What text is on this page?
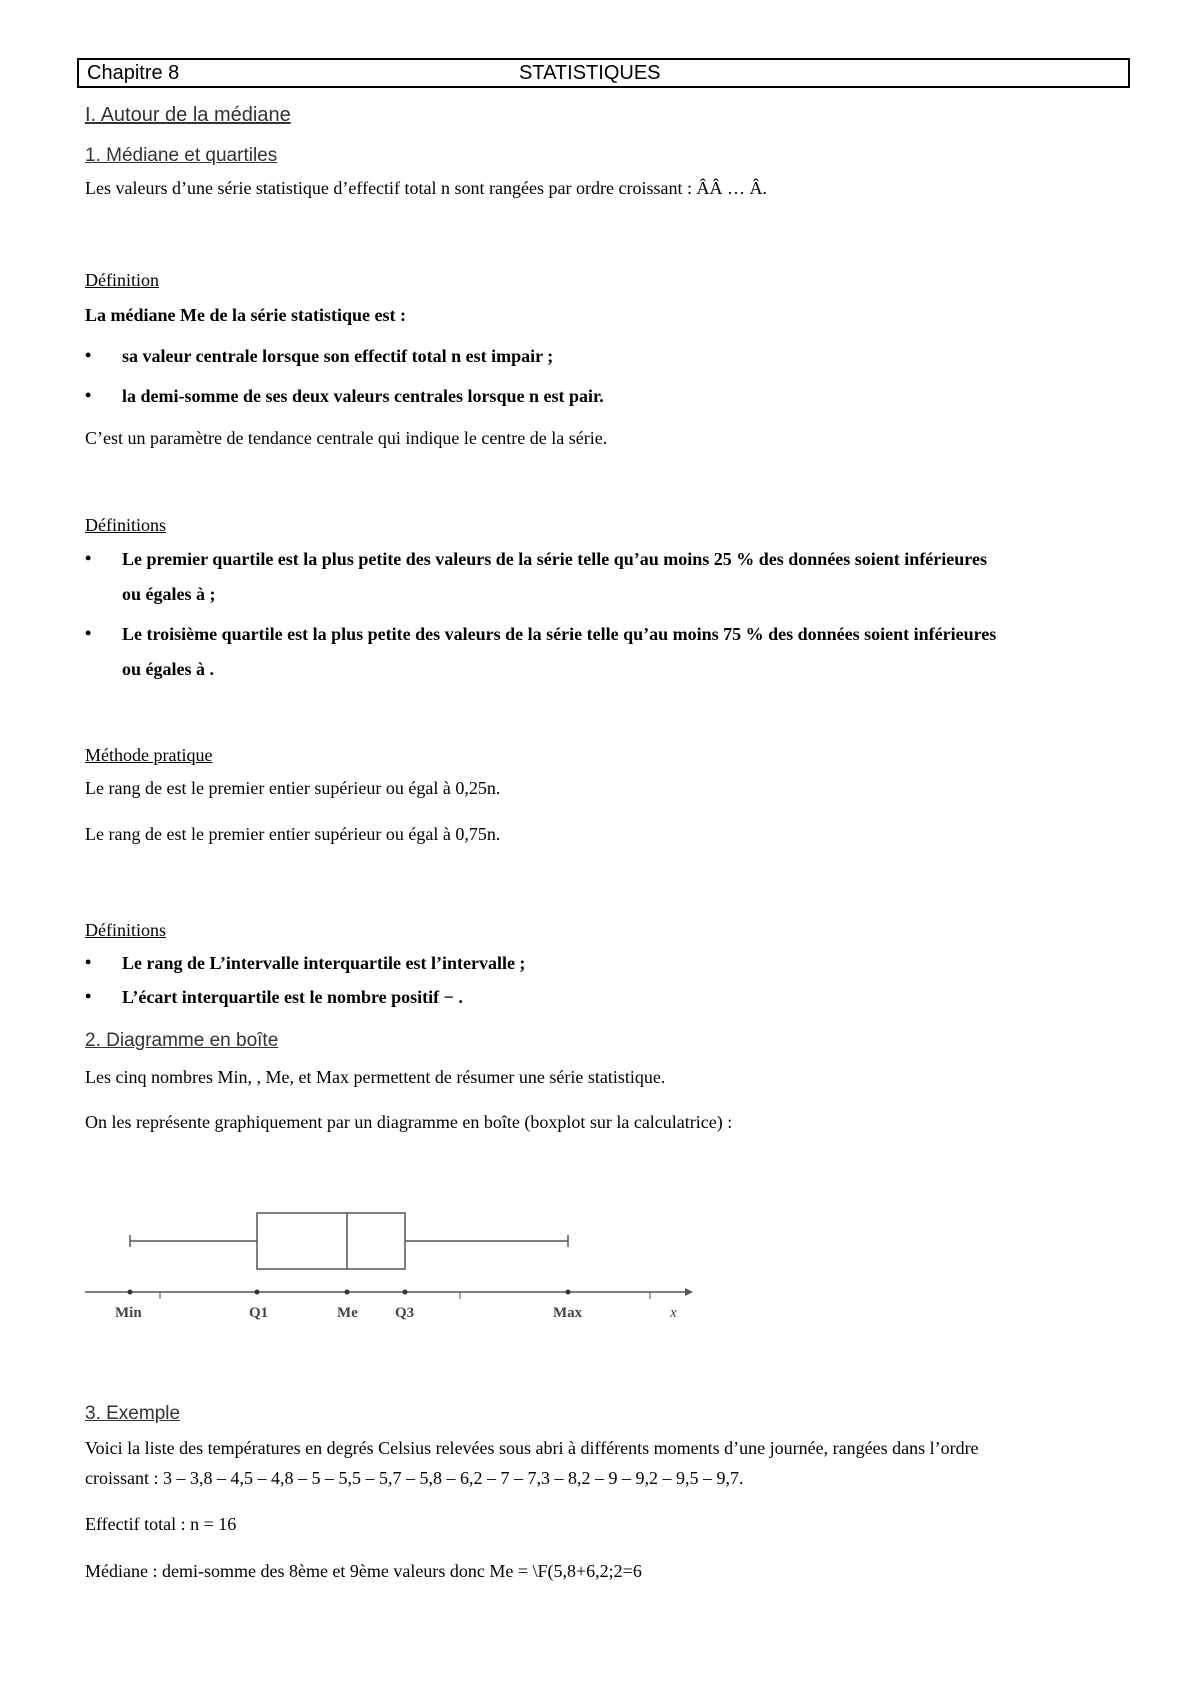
Chapitre 8	STATISTIQUES
I. Autour de la médiane
1. Médiane et quartiles
Les valeurs d’une série statistique d’effectif total n sont rangées par ordre croissant : ÂÂ … Â.
Définition
La médiane Me de la série statistique est :
• sa valeur centrale lorsque son effectif total n est impair ;
• la demi-somme de ses deux valeurs centrales lorsque n est pair.
C’est un paramètre de tendance centrale qui indique le centre de la série.
Définitions
• Le premier quartile est la plus petite des valeurs de la série telle qu’au moins 25 % des données soient inférieures
ou égales à ;
• Le troisième quartile est la plus petite des valeurs de la série telle qu’au moins 75 % des données soient inférieures
ou égales à .
Méthode pratique
Le rang de est le premier entier supérieur ou égal à 0,25n.
Le rang de est le premier entier supérieur ou égal à 0,75n.
Définitions
• Le rang de L’intervalle interquartile est l’intervalle ;
• L’écart interquartile est le nombre positif − .
2. Diagramme en boîte
Les cinq nombres Min, , Me, et Max permettent de résumer une série statistique.
On les représente graphiquement par un diagramme en boîte (boxplot sur la calculatrice) :
Min	Q1	Me Q3	Max	x
3. Exemple
Voici la liste des températures en degrés Celsius relevées sous abri à différents moments d’une journée, rangées dans l’ordre
croissant : 3 – 3,8 – 4,5 – 4,8 – 5 – 5,5 – 5,7 – 5,8 – 6,2 – 7 – 7,3 – 8,2 – 9 – 9,2 – 9,5 – 9,7.
Effectif total : n = 16
Médiane : demi-somme des 8ème et 9ème valeurs donc Me = \F(5,8+6,2;2=6
